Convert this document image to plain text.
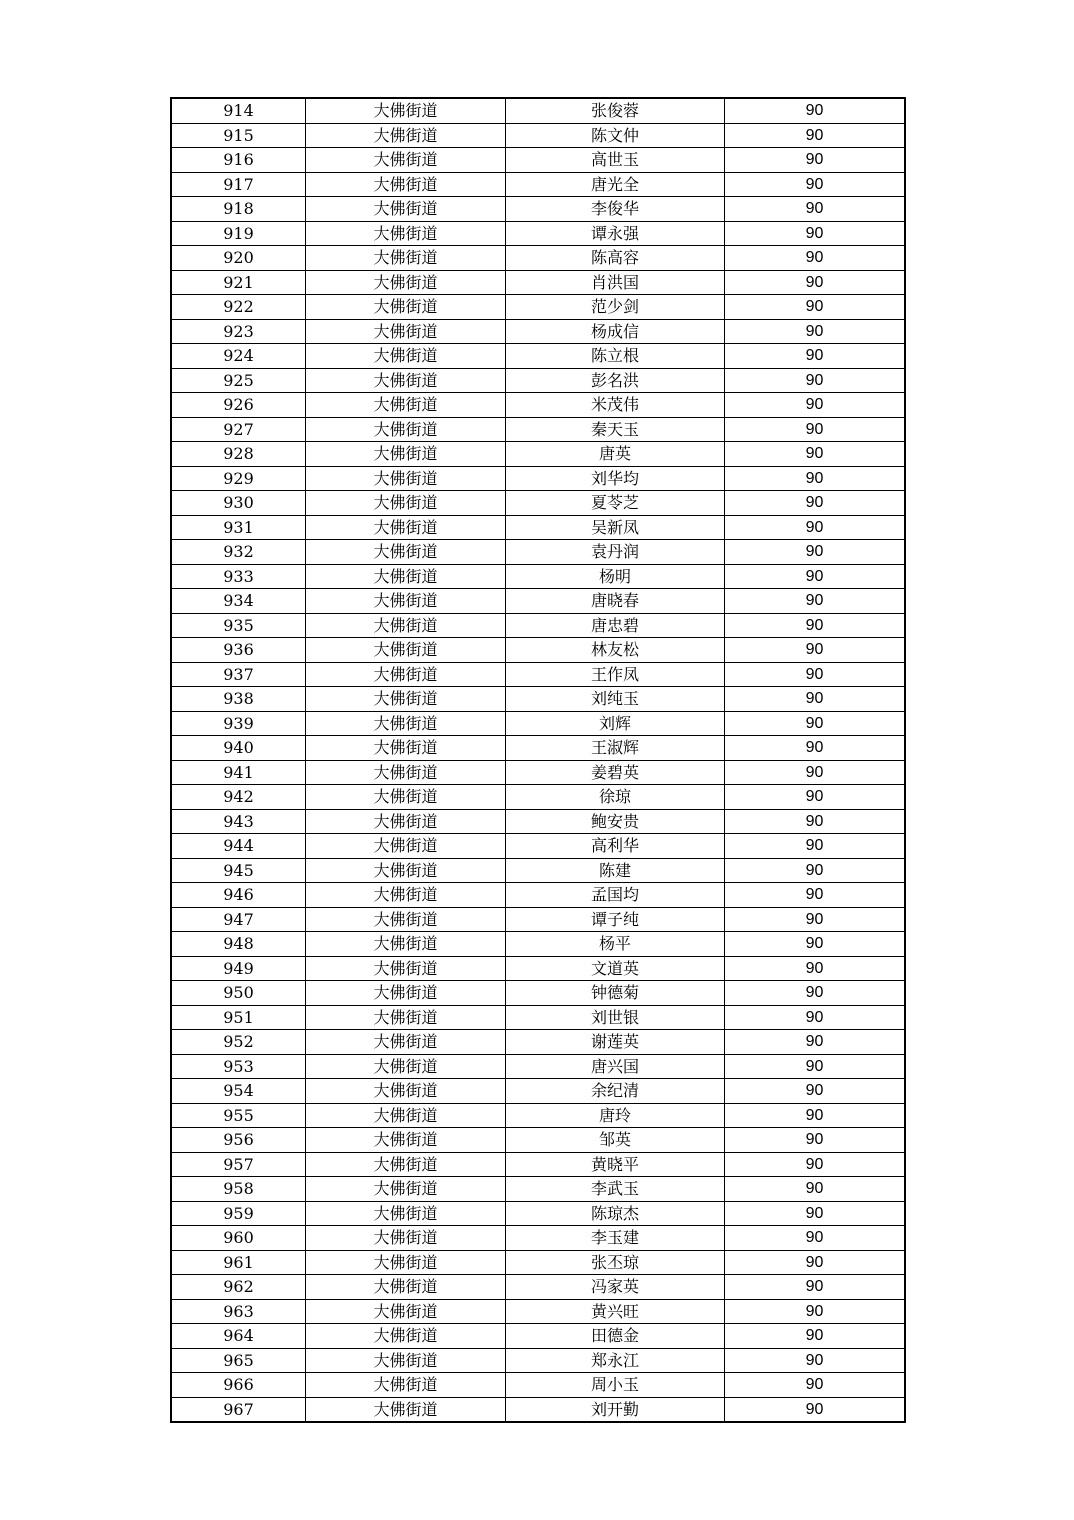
914	大佛街道	张俊蓉	90
915	大佛街道	陈文仲	90
916	大佛街道	高世玉	90
917	大佛街道	唐光全	90
918	大佛街道	李俊华	90
919	大佛街道	谭永强	90
920	大佛街道	陈高容	90
921	大佛街道	肖洪国	90
922	大佛街道	范少剑	90
923	大佛街道	杨成信	90
924	大佛街道	陈立根	90
925	大佛街道	彭名洪	90
926	大佛街道	米茂伟	90
927	大佛街道	秦天玉	90
928	大佛街道	唐英	90
929	大佛街道	刘华均	90
930	大佛街道	夏苓芝	90
931	大佛街道	吴新凤	90
932	大佛街道	袁丹润	90
933	大佛街道	杨明	90
934	大佛街道	唐晓春	90
935	大佛街道	唐忠碧	90
936	大佛街道	林友松	90
937	大佛街道	王作凤	90
938	大佛街道	刘纯玉	90
939	大佛街道	刘辉	90
940	大佛街道	王淑辉	90
941	大佛街道	姜碧英	90
942	大佛街道	徐琼	90
943	大佛街道	鲍安贵	90
944	大佛街道	高利华	90
945	大佛街道	陈建	90
946	大佛街道	孟国均	90
947	大佛街道	谭子纯	90
948	大佛街道	杨平	90
949	大佛街道	文道英	90
950	大佛街道	钟德菊	90
951	大佛街道	刘世银	90
952	大佛街道	谢莲英	90
953	大佛街道	唐兴国	90
954	大佛街道	余纪清	90
955	大佛街道	唐玲	90
956	大佛街道	邹英	90
957	大佛街道	黄晓平	90
958	大佛街道	李武玉	90
959	大佛街道	陈琼杰	90
960	大佛街道	李玉建	90
961	大佛街道	张丕琼	90
962	大佛街道	冯家英	90
963	大佛街道	黄兴旺	90
964	大佛街道	田德金	90
965	大佛街道	郑永江	90
966	大佛街道	周小玉	90
967	大佛街道	刘开勤	90
